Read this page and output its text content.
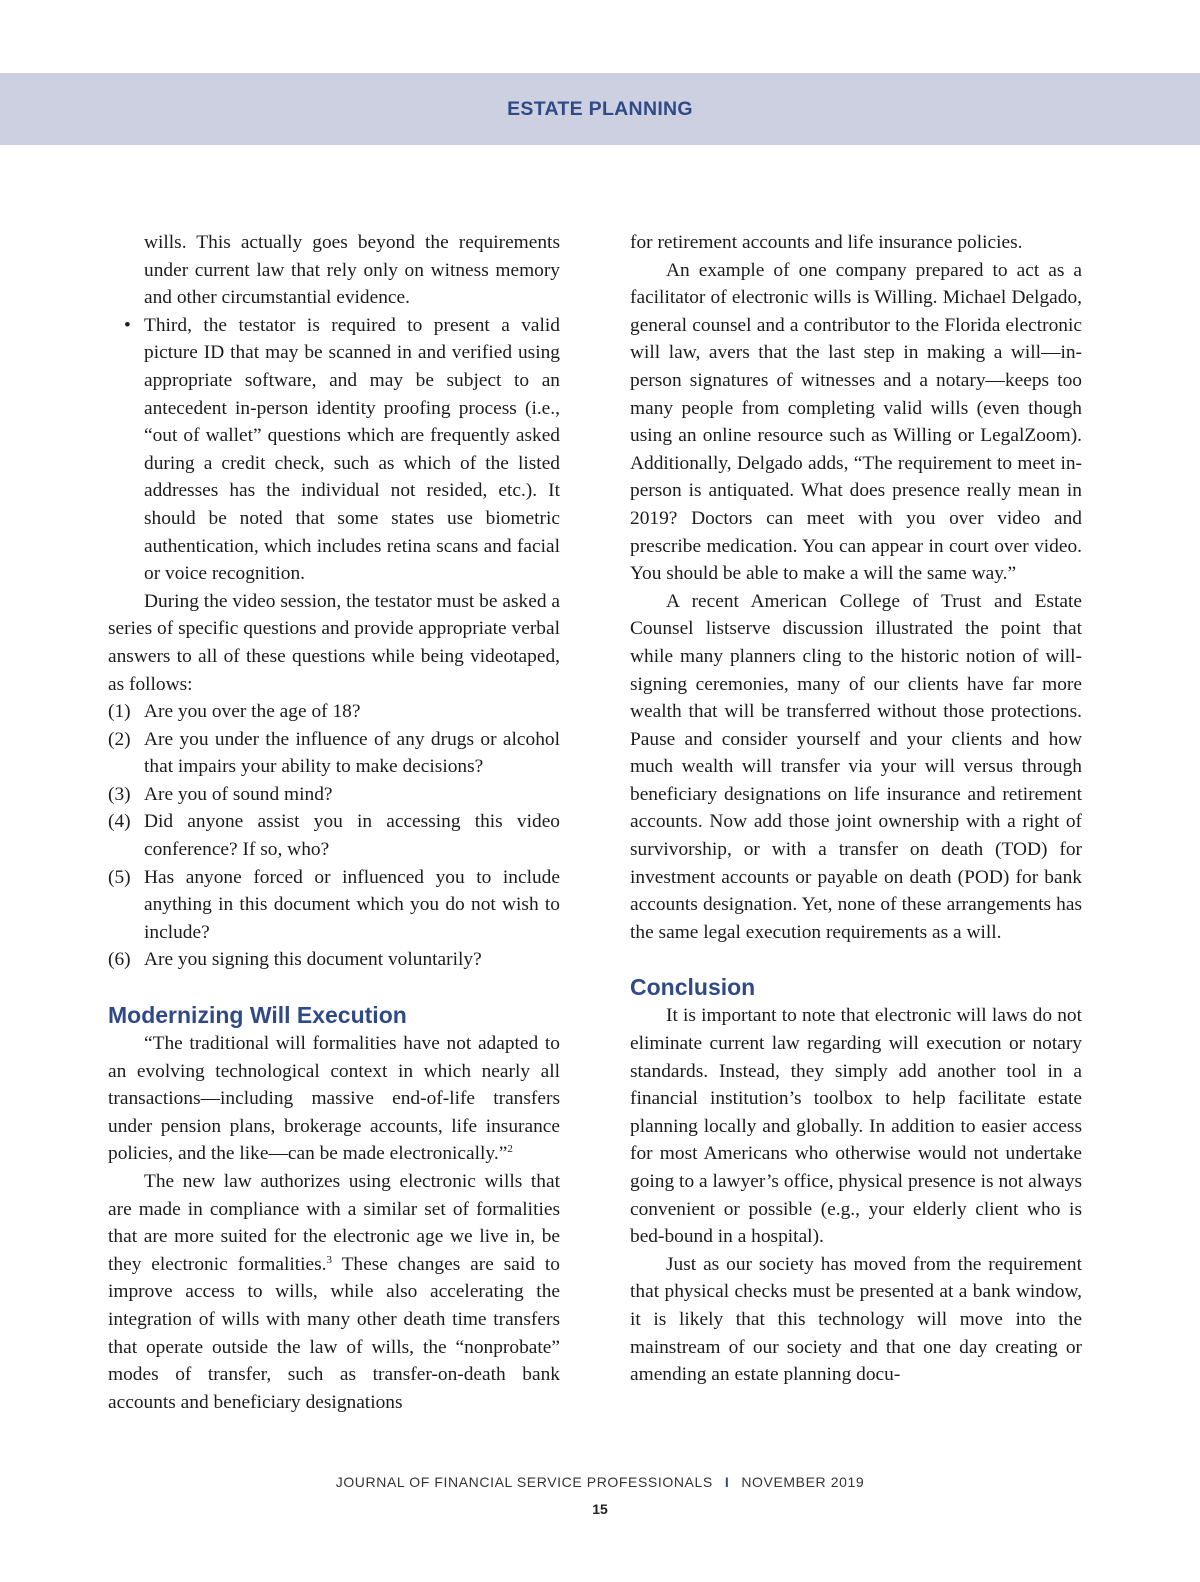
ESTATE PLANNING

wills. This actually goes beyond the requirements under current law that rely only on witness memory and other circumstantial evidence.

• Third, the testator is required to present a valid picture ID that may be scanned in and verified using appropriate software, and may be subject to an antecedent in-person identity proofing process (i.e., “out of wallet” questions which are frequently asked during a credit check, such as which of the listed addresses has the individual not resided, etc.). It should be noted that some states use biometric authentication, which includes retina scans and facial or voice recognition.

During the video session, the testator must be asked a series of specific questions and provide appropriate verbal answers to all of these questions while being videotaped, as follows:

(1) Are you over the age of 18?

(2) Are you under the influence of any drugs or alcohol that impairs your ability to make decisions?

(3) Are you of sound mind?

(4) Did anyone assist you in accessing this video conference? If so, who?

(5) Has anyone forced or influenced you to include anything in this document which you do not wish to include?

(6) Are you signing this document voluntarily?

Modernizing Will Execution

“The traditional will formalities have not adapted to an evolving technological context in which nearly all transactions—including massive end-of-life transfers under pension plans, brokerage accounts, life insurance policies, and the like—can be made electronically.”$^2$

The new law authorizes using electronic wills that are made in compliance with a similar set of formalities that are more suited for the electronic age we live in, be they electronic formalities.$^3$ These changes are said to improve access to wills, while also accelerating the integration of wills with many other death time transfers that operate outside the law of wills, the “nonprobate” modes of transfer, such as transfer-on-death bank accounts and beneficiary designations

for retirement accounts and life insurance policies.

An example of one company prepared to act as a facilitator of electronic wills is Willing. Michael Delgado, general counsel and a contributor to the Florida electronic will law, avers that the last step in making a will—in-person signatures of witnesses and a notary—keeps too many people from completing valid wills (even though using an online resource such as Willing or LegalZoom). Additionally, Delgado adds, “The requirement to meet in-person is antiquated. What does presence really mean in 2019? Doctors can meet with you over video and prescribe medication. You can appear in court over video. You should be able to make a will the same way.”

A recent American College of Trust and Estate Counsel listserve discussion illustrated the point that while many planners cling to the historic notion of will-signing ceremonies, many of our clients have far more wealth that will be transferred without those protections. Pause and consider yourself and your clients and how much wealth will transfer via your will versus through beneficiary designations on life insurance and retirement accounts. Now add those joint ownership with a right of survivorship, or with a transfer on death (TOD) for investment accounts or payable on death (POD) for bank accounts designation. Yet, none of these arrangements has the same legal execution requirements as a will.

Conclusion

It is important to note that electronic will laws do not eliminate current law regarding will execution or notary standards. Instead, they simply add another tool in a financial institution’s toolbox to help facilitate estate planning locally and globally. In addition to easier access for most Americans who otherwise would not undertake going to a lawyer’s office, physical presence is not always convenient or possible (e.g., your elderly client who is bed-bound in a hospital).

Just as our society has moved from the requirement that physical checks must be presented at a bank window, it is likely that this technology will move into the mainstream of our society and that one day creating or amending an estate planning docu-

JOURNAL OF FINANCIAL SERVICE PROFESSIONALS I NOVEMBER 2019
15
